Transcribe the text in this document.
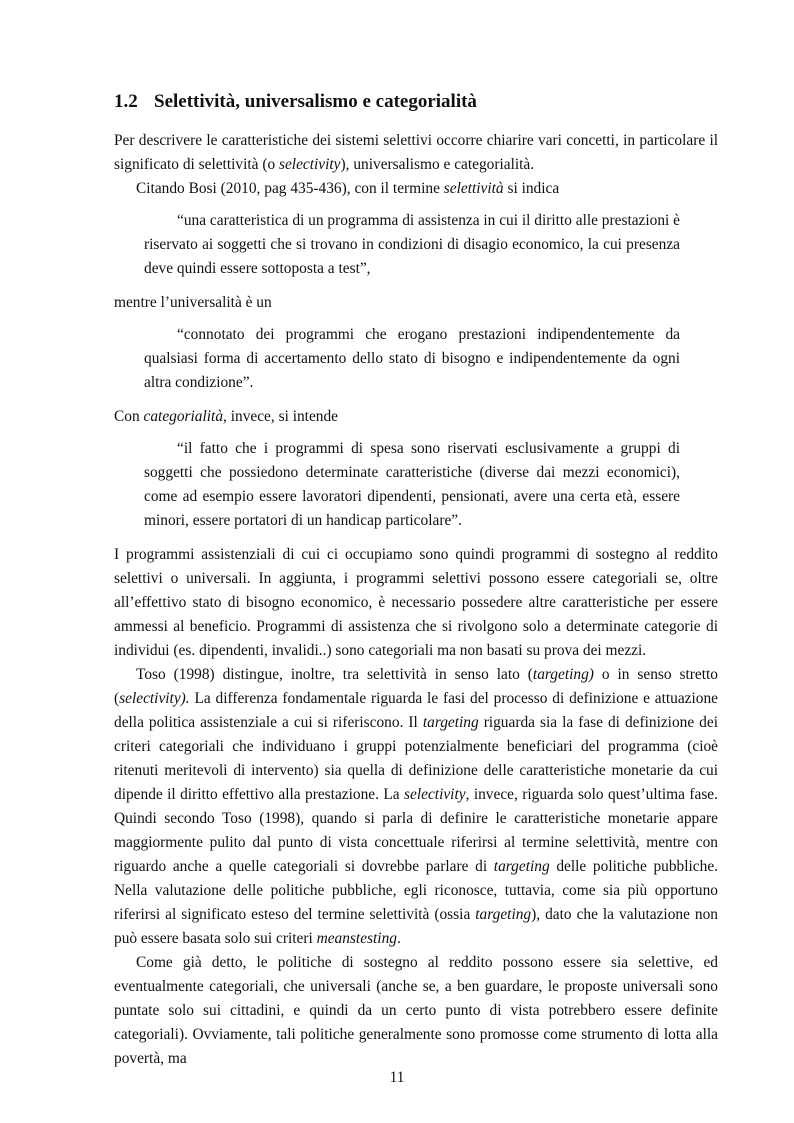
1.2 Selettività, universalismo e categorialità

Per descrivere le caratteristiche dei sistemi selettivi occorre chiarire vari concetti, in particolare il significato di selettività (o selectivity), universalismo e categorialità.

Citando Bosi (2010, pag 435-436), con il termine selettività si indica

“una caratteristica di un programma di assistenza in cui il diritto alle prestazioni è riservato ai soggetti che si trovano in condizioni di disagio economico, la cui presenza deve quindi essere sottoposta a test”,

mentre l’universalità è un

“connotato dei programmi che erogano prestazioni indipendentemente da qualsiasi forma di accertamento dello stato di bisogno e indipendentemente da ogni altra condizione”.

Con categorialità, invece, si intende

“il fatto che i programmi di spesa sono riservati esclusivamente a gruppi di soggetti che possiedono determinate caratteristiche (diverse dai mezzi economici), come ad esempio essere lavoratori dipendenti, pensionati, avere una certa età, essere minori, essere portatori di un handicap particolare”.

I programmi assistenziali di cui ci occupiamo sono quindi programmi di sostegno al reddito selettivi o universali. In aggiunta, i programmi selettivi possono essere categoriali se, oltre all’effettivo stato di bisogno economico, è necessario possedere altre caratteristiche per essere ammessi al beneficio. Programmi di assistenza che si rivolgono solo a determinate categorie di individui (es. dipendenti, invalidi..) sono categoriali ma non basati su prova dei mezzi.

Toso (1998) distingue, inoltre, tra selettività in senso lato (targeting) o in senso stretto (selectivity). La differenza fondamentale riguarda le fasi del processo di definizione e attuazione della politica assistenziale a cui si riferiscono. Il targeting riguarda sia la fase di definizione dei criteri categoriali che individuano i gruppi potenzialmente beneficiari del programma (cioè ritenuti meritevoli di intervento) sia quella di definizione delle caratteristiche monetarie da cui dipende il diritto effettivo alla prestazione. La selectivity, invece, riguarda solo quest’ultima fase. Quindi secondo Toso (1998), quando si parla di definire le caratteristiche monetarie appare maggiormente pulito dal punto di vista concettuale riferirsi al termine selettività, mentre con riguardo anche a quelle categoriali si dovrebbe parlare di targeting delle politiche pubbliche. Nella valutazione delle politiche pubbliche, egli riconosce, tuttavia, come sia più opportuno riferirsi al significato esteso del termine selettività (ossia targeting), dato che la valutazione non può essere basata solo sui criteri meanstesting.

Come già detto, le politiche di sostegno al reddito possono essere sia selettive, ed eventualmente categoriali, che universali (anche se, a ben guardare, le proposte universali sono puntate solo sui cittadini, e quindi da un certo punto di vista potrebbero essere definite categoriali). Ovviamente, tali politiche generalmente sono promosse come strumento di lotta alla povertà, ma

11
